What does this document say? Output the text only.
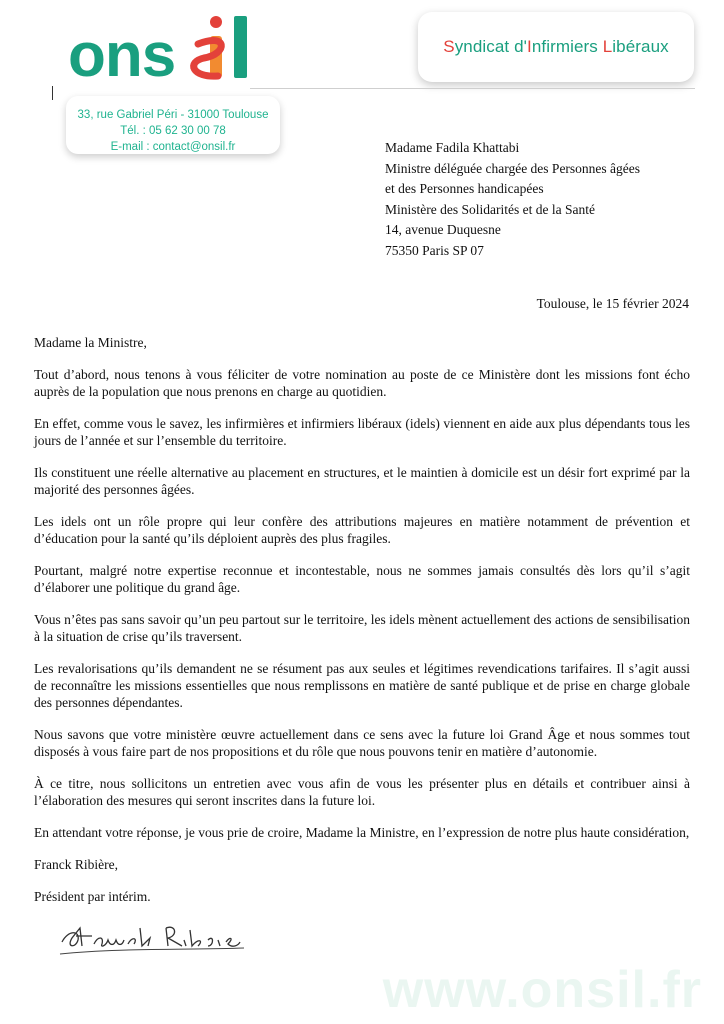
ons	Syndicat d'Infirmiers Libéraux
33, rue Gabriel Péri - 31000 Toulouse
Tél. : 05 62 30 00 78
E-mail : contact@onsil.fr	Madame Fadila Khattabi
Ministre déléguée chargée des Personnes âgées
et des Personnes handicapées
Ministère des Solidarités et de la Santé
14, avenue Duquesne
75350 Paris SP 07
Toulouse, le 15 février 2024

Madame la Ministre,

Tout d’abord, nous tenons à vous féliciter de votre nomination au poste de ce Ministère dont les missions font écho auprès de la population que nous prenons en charge au quotidien.

En effet, comme vous le savez, les infirmières et infirmiers libéraux (idels) viennent en aide aux plus dépendants tous les jours de l’année et sur l’ensemble du territoire.

Ils constituent une réelle alternative au placement en structures, et le maintien à domicile est un désir fort exprimé par la majorité des personnes âgées.

Les idels ont un rôle propre qui leur confère des attributions majeures en matière notamment de prévention et d’éducation pour la santé qu’ils déploient auprès des plus fragiles.

Pourtant, malgré notre expertise reconnue et incontestable, nous ne sommes jamais consultés dès lors qu’il s’agit d’élaborer une politique du grand âge.

Vous n’êtes pas sans savoir qu’un peu partout sur le territoire, les idels mènent actuellement des actions de sensibilisation à la situation de crise qu’ils traversent.

Les revalorisations qu’ils demandent ne se résument pas aux seules et légitimes revendications tarifaires. Il s’agit aussi de reconnaître les missions essentielles que nous remplissons en matière de santé publique et de prise en charge globale des personnes dépendantes.

Nous savons que votre ministère œuvre actuellement dans ce sens avec la future loi Grand Âge et nous sommes tout disposés à vous faire part de nos propositions et du rôle que nous pouvons tenir en matière d’autonomie.

À ce titre, nous sollicitons un entretien avec vous afin de vous les présenter plus en détails et contribuer ainsi à l’élaboration des mesures qui seront inscrites dans la future loi.

En attendant votre réponse, je vous prie de croire, Madame la Ministre, en l’expression de notre plus haute considération,

Franck Ribière,

Président par intérim.

www.onsil.fr
